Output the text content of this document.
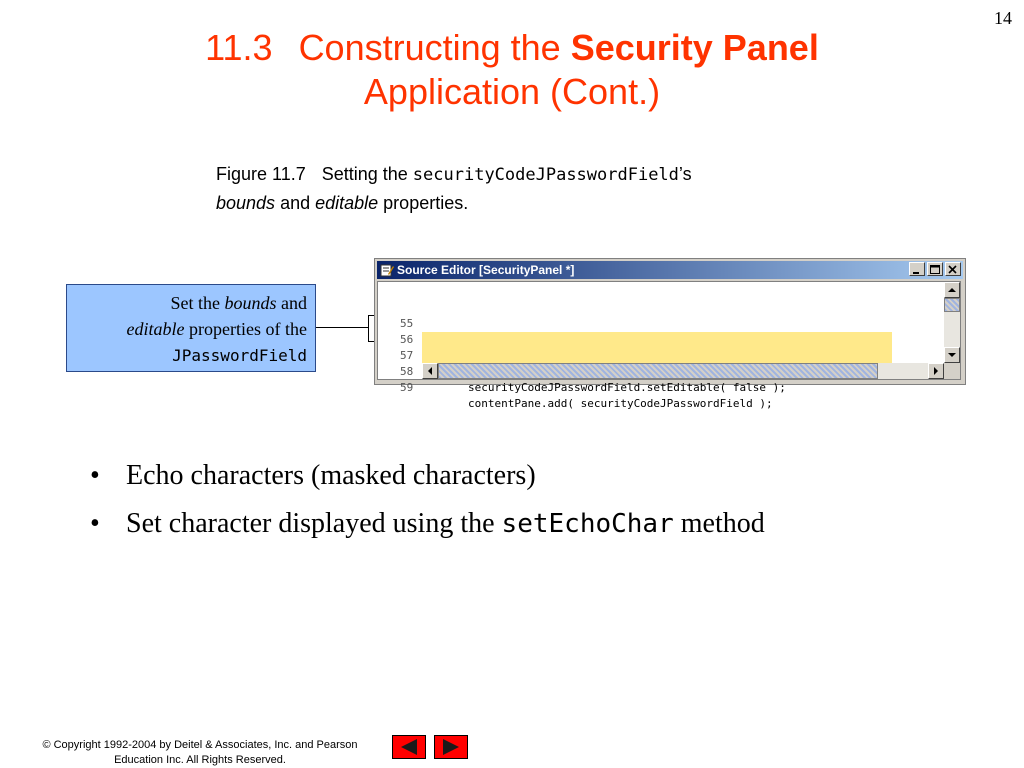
14
11.3 Constructing the Security Panel
Application (Cont.)
Figure 11.7 Setting the securityCodeJPasswordField’s
bounds and editable properties.
Set the bounds and
editable properties of the
JPasswordField
Source Editor [SecurityPanel *]

55

56

57

58

securityCodeJPasswordField.setEditable( false );

59

contentPane.add( securityCodeJPasswordField );

• Echo characters (masked characters)
• Set character displayed using the setEchoChar method
© Copyright 1992-2004 by Deitel & Associates, Inc. and Pearson
Education Inc. All Rights Reserved.
